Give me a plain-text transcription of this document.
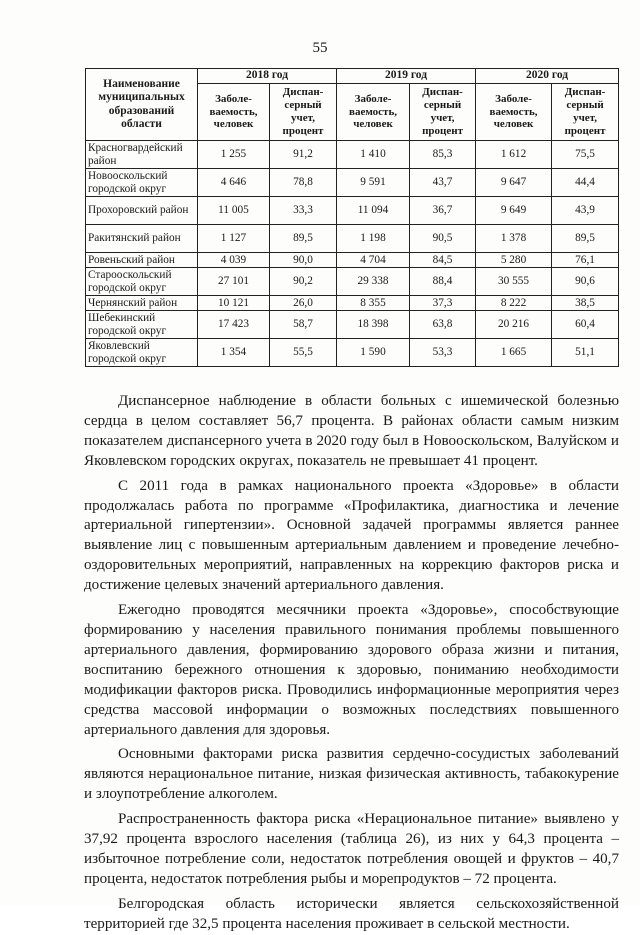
55
Наименование муниципальных образований области	2018 год		2019 год		2020 год	
	Заболе-ваемость, человек	Диспан-серный учет, процент	Заболе-ваемость, человек	Диспан-серный учет, процент	Заболе-ваемость, человек	Диспан-серный учет, процент
Красногвардейский район	1 255	91,2	1 410	85,3	1 612	75,5
Новооскольский городской округ	4 646	78,8	9 591	43,7	9 647	44,4
Прохоровский район	11 005	33,3	11 094	36,7	9 649	43,9
Ракитянский район	1 127	89,5	1 198	90,5	1 378	89,5
Ровеньский район	4 039	90,0	4 704	84,5	5 280	76,1
Старооскольский городской округ	27 101	90,2	29 338	88,4	30 555	90,6
Чернянский район	10 121	26,0	8 355	37,3	8 222	38,5
Шебекинский городской округ	17 423	58,7	18 398	63,8	20 216	60,4
Яковлевский городской округ	1 354	55,5	1 590	53,3	1 665	51,1

Диспансерное наблюдение в области больных с ишемической болезнью сердца в целом составляет 56,7 процента. В районах области самым низким показателем диспансерного учета в 2020 году был в Новооскольском, Валуйском и Яковлевском городских округах, показатель не превышает 41 процент.

С 2011 года в рамках национального проекта «Здоровье» в области продолжалась работа по программе «Профилактика, диагностика и лечение артериальной гипертензии». Основной задачей программы является раннее выявление лиц с повышенным артериальным давлением и проведение лечебно-оздоровительных мероприятий, направленных на коррекцию факторов риска и достижение целевых значений артериального давления.

Ежегодно проводятся месячники проекта «Здоровье», способствующие формированию у населения правильного понимания проблемы повышенного артериального давления, формированию здорового образа жизни и питания, воспитанию бережного отношения к здоровью, пониманию необходимости модификации факторов риска. Проводились информационные мероприятия через средства массовой информации о возможных последствиях повышенного артериального давления для здоровья.

Основными факторами риска развития сердечно-сосудистых заболеваний являются нерациональное питание, низкая физическая активность, табакокурение и злоупотребление алкоголем.

Распространенность фактора риска «Нерациональное питание» выявлено у 37,92 процента взрослого населения (таблица 26), из них у 64,3 процента – избыточное потребление соли, недостаток потребления овощей и фруктов – 40,7 процента, недостаток потребления рыбы и морепродуктов – 72 процента.

Белгородская область исторически является сельскохозяйственной территорией где 32,5 процента населения проживает в сельской местности.
